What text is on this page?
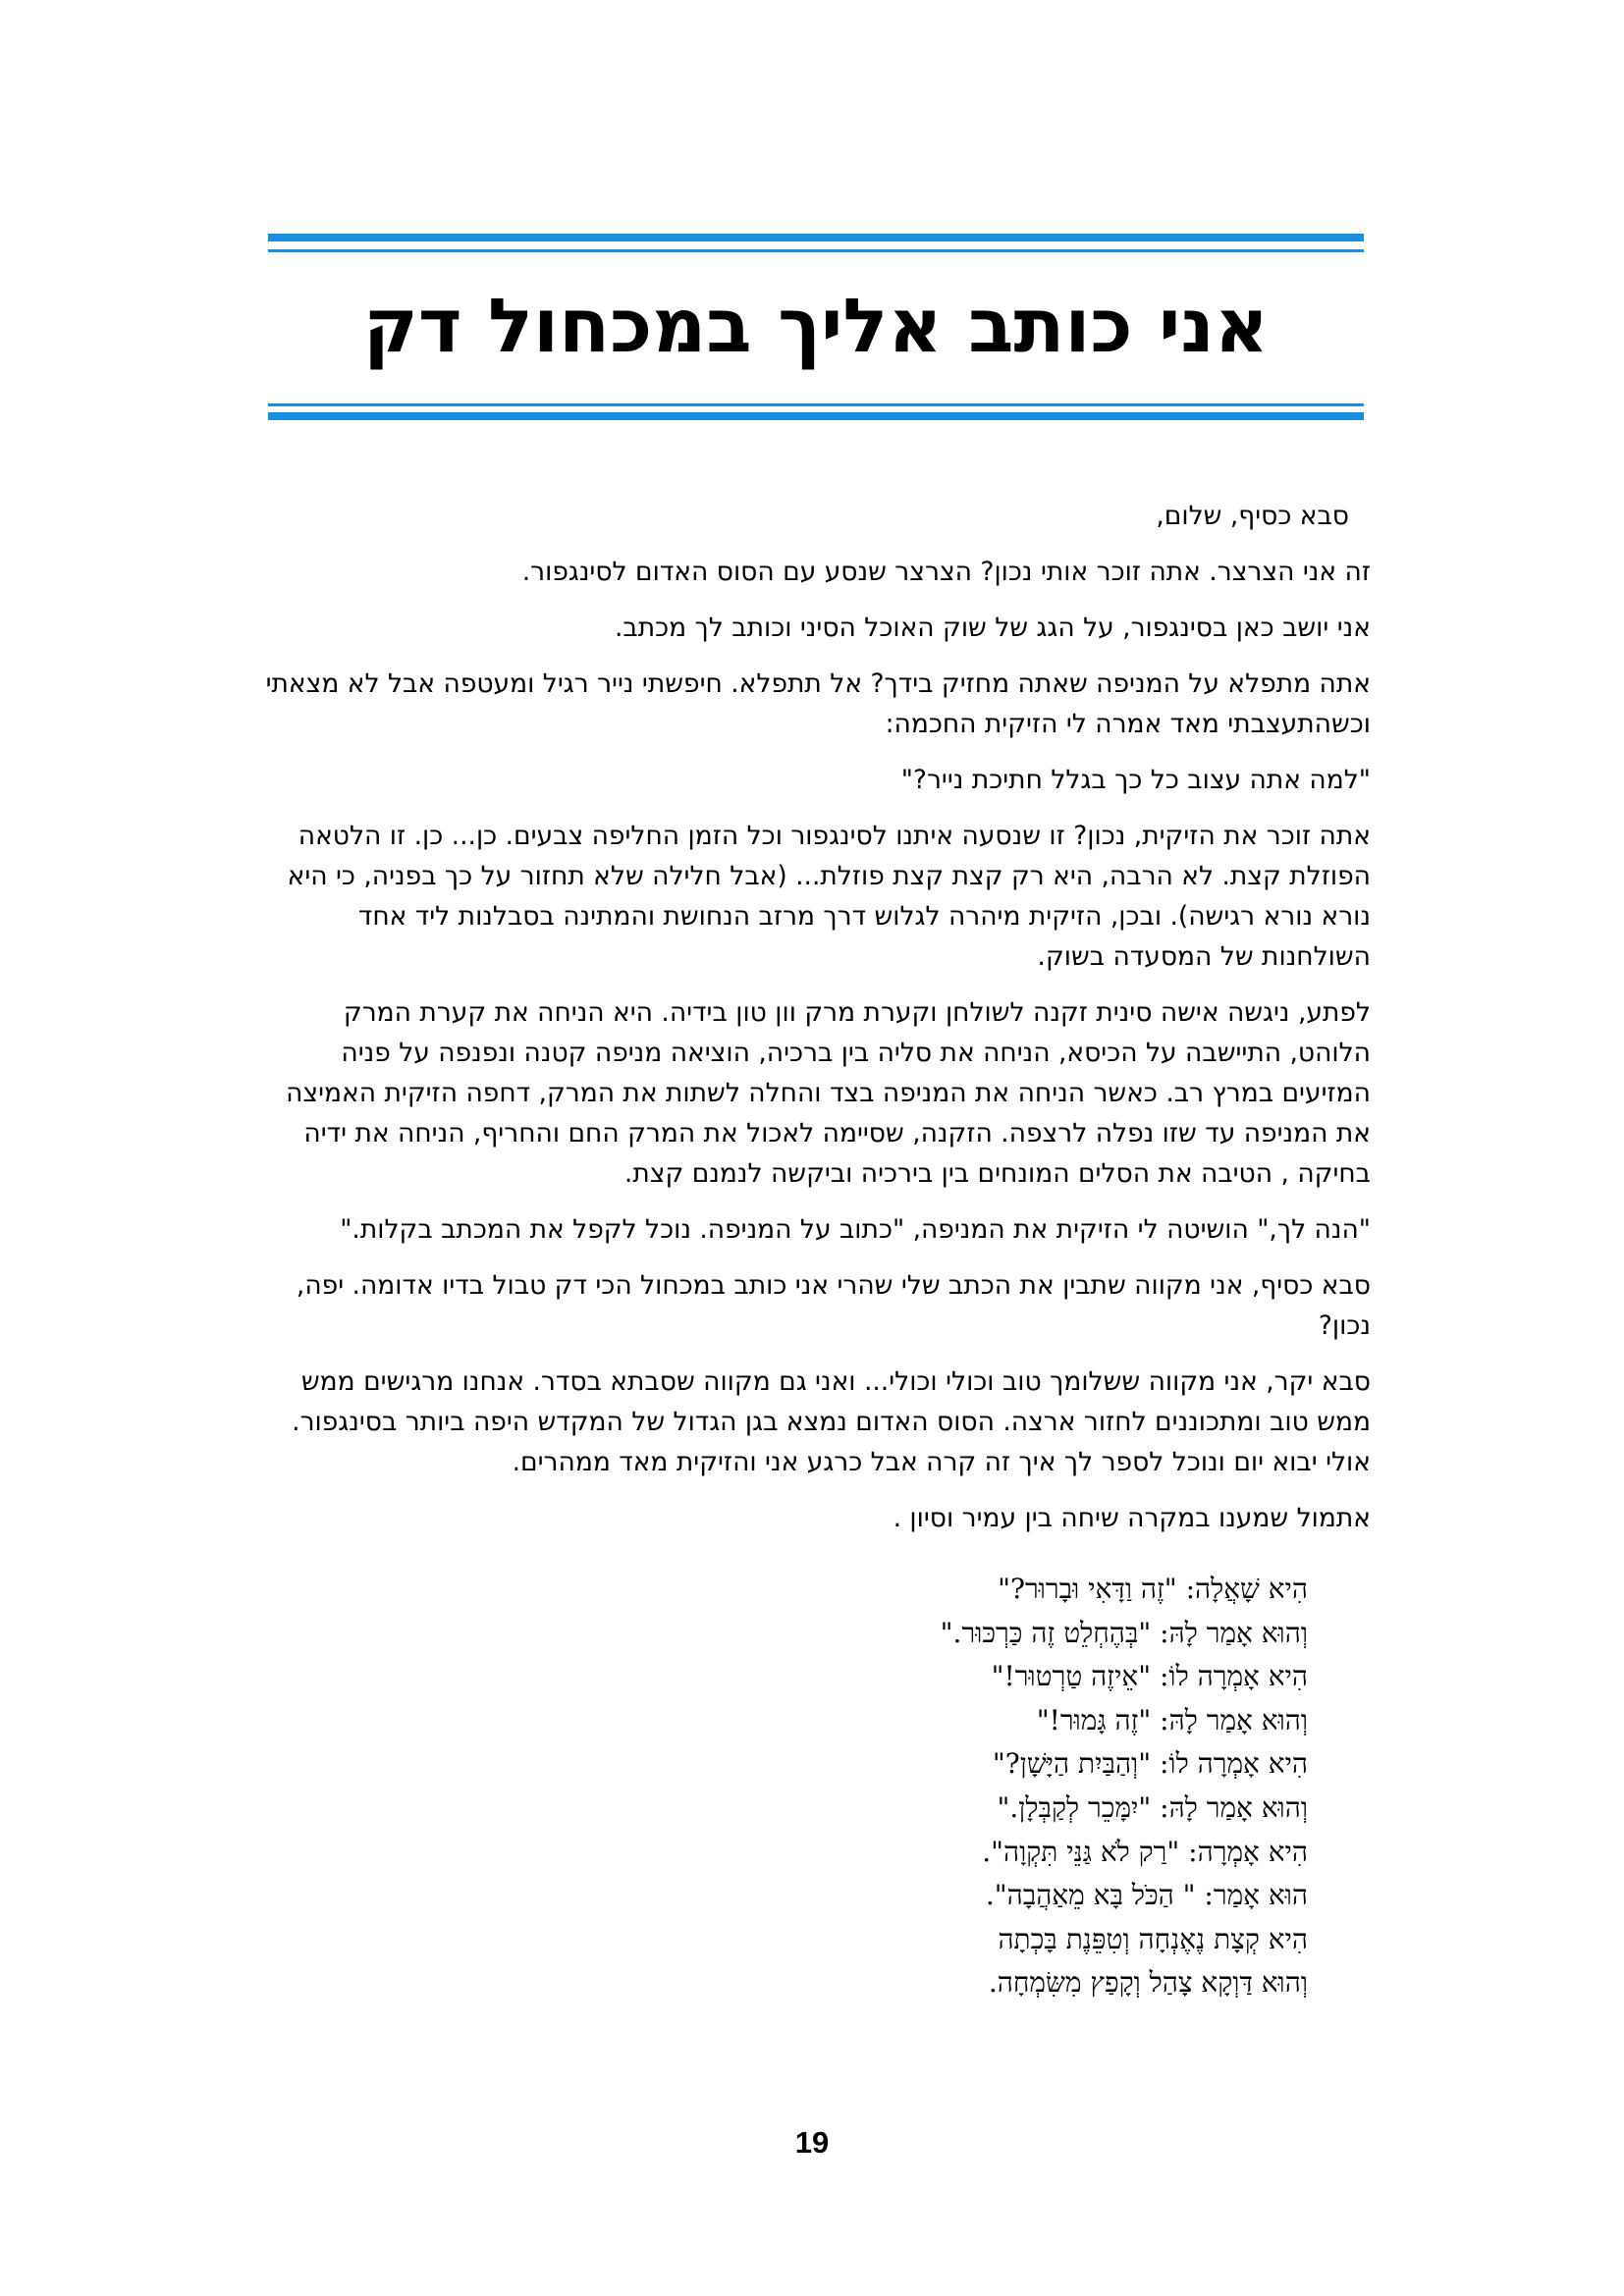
אני כותב אליך במכחול דק

סבא כסיף, שלום,

זה אני הצרצר. אתה זוכר אותי נכון? הצרצר שנסע עם הסוס האדום לסינגפור.

אני יושב כאן בסינגפור, על הגג של שוק האוכל הסיני וכותב לך מכתב.

אתה מתפלא על המניפה שאתה מחזיק בידך? אל תתפלא. חיפשתי נייר רגיל ומעטפה אבל לא מצאתי וכשהתעצבתי מאד אמרה לי הזיקית החכמה:

"למה אתה עצוב כל כך בגלל חתיכת נייר?"

אתה זוכר את הזיקית, נכון? זו שנסעה איתנו לסינגפור וכל הזמן החליפה צבעים. כן... כן. זו הלטאה הפוזלת קצת. לא הרבה, היא רק קצת קצת פוזלת... (אבל חלילה שלא תחזור על כך בפניה, כי היא נורא נורא רגישה). ובכן, הזיקית מיהרה לגלוש דרך מרזב הנחושת והמתינה בסבלנות ליד אחד השולחנות של המסעדה בשוק.

לפתע, ניגשה אישה סינית זקנה לשולחן וקערת מרק וון טון בידיה. היא הניחה את קערת המרק הלוהט, התיישבה על הכיסא, הניחה את סליה בין ברכיה, הוציאה מניפה קטנה ונפנפה על פניה המזיעים במרץ רב. כאשר הניחה את המניפה בצד והחלה לשתות את המרק, דחפה הזיקית האמיצה את המניפה עד שזו נפלה לרצפה. הזקנה, שסיימה לאכול את המרק החם והחריף, הניחה את ידיה בחיקה , הטיבה את הסלים המונחים בין בירכיה וביקשה לנמנם קצת.

"הנה לך," הושיטה לי הזיקית את המניפה, "כתוב על המניפה. נוכל לקפל את המכתב בקלות."

סבא כסיף, אני מקווה שתבין את הכתב שלי שהרי אני כותב במכחול הכי דק טבול בדיו אדומה. יפה, נכון?

סבא יקר, אני מקווה ששלומך טוב וכולי וכולי... ואני גם מקווה שסבתא בסדר. אנחנו מרגישים ממש ממש טוב ומתכוננים לחזור ארצה. הסוס האדום נמצא בגן הגדול של המקדש היפה ביותר בסינגפור. אולי יבוא יום ונוכל לספר לך איך זה קרה אבל כרגע אני והזיקית מאד ממהרים.

אתמול שמענו במקרה שיחה בין עמיר וסיון .

הִיא שָׁאֲלָה: "זֶה וַדָּאִי וּבָרוּר?"
וְהוּא אָמַר לָהּ: "בְּהֶחְלֵט זֶה כַּרְכּוּר."
הִיא אָמְרָה לוֹ: "אֵיזֶה טַרְטוּר!"
וְהוּא אָמַר לָהּ: "זֶה גָּמוּר!"
הִיא אָמְרָה לוֹ: "וְהַבַּיִת הַיָּשָׁן?"
וְהוּא אָמַר לָהּ: "יִמָּכֵר לְקַבְּלָן."
הִיא אָמְרָה: "רַק לֹא גַּנֵּי תִּקְוָה".
הוּא אָמַר: " הַכֹּל בָּא מֵאַהֲבָה".
הִיא קְצָת נֶאֶנְחָה וְטִפֵּנֶת בָּכְתָה
וְהוּא דַּוְקָא צָהַל וְקָפַץ מִשִּׂמְחָה.
19
